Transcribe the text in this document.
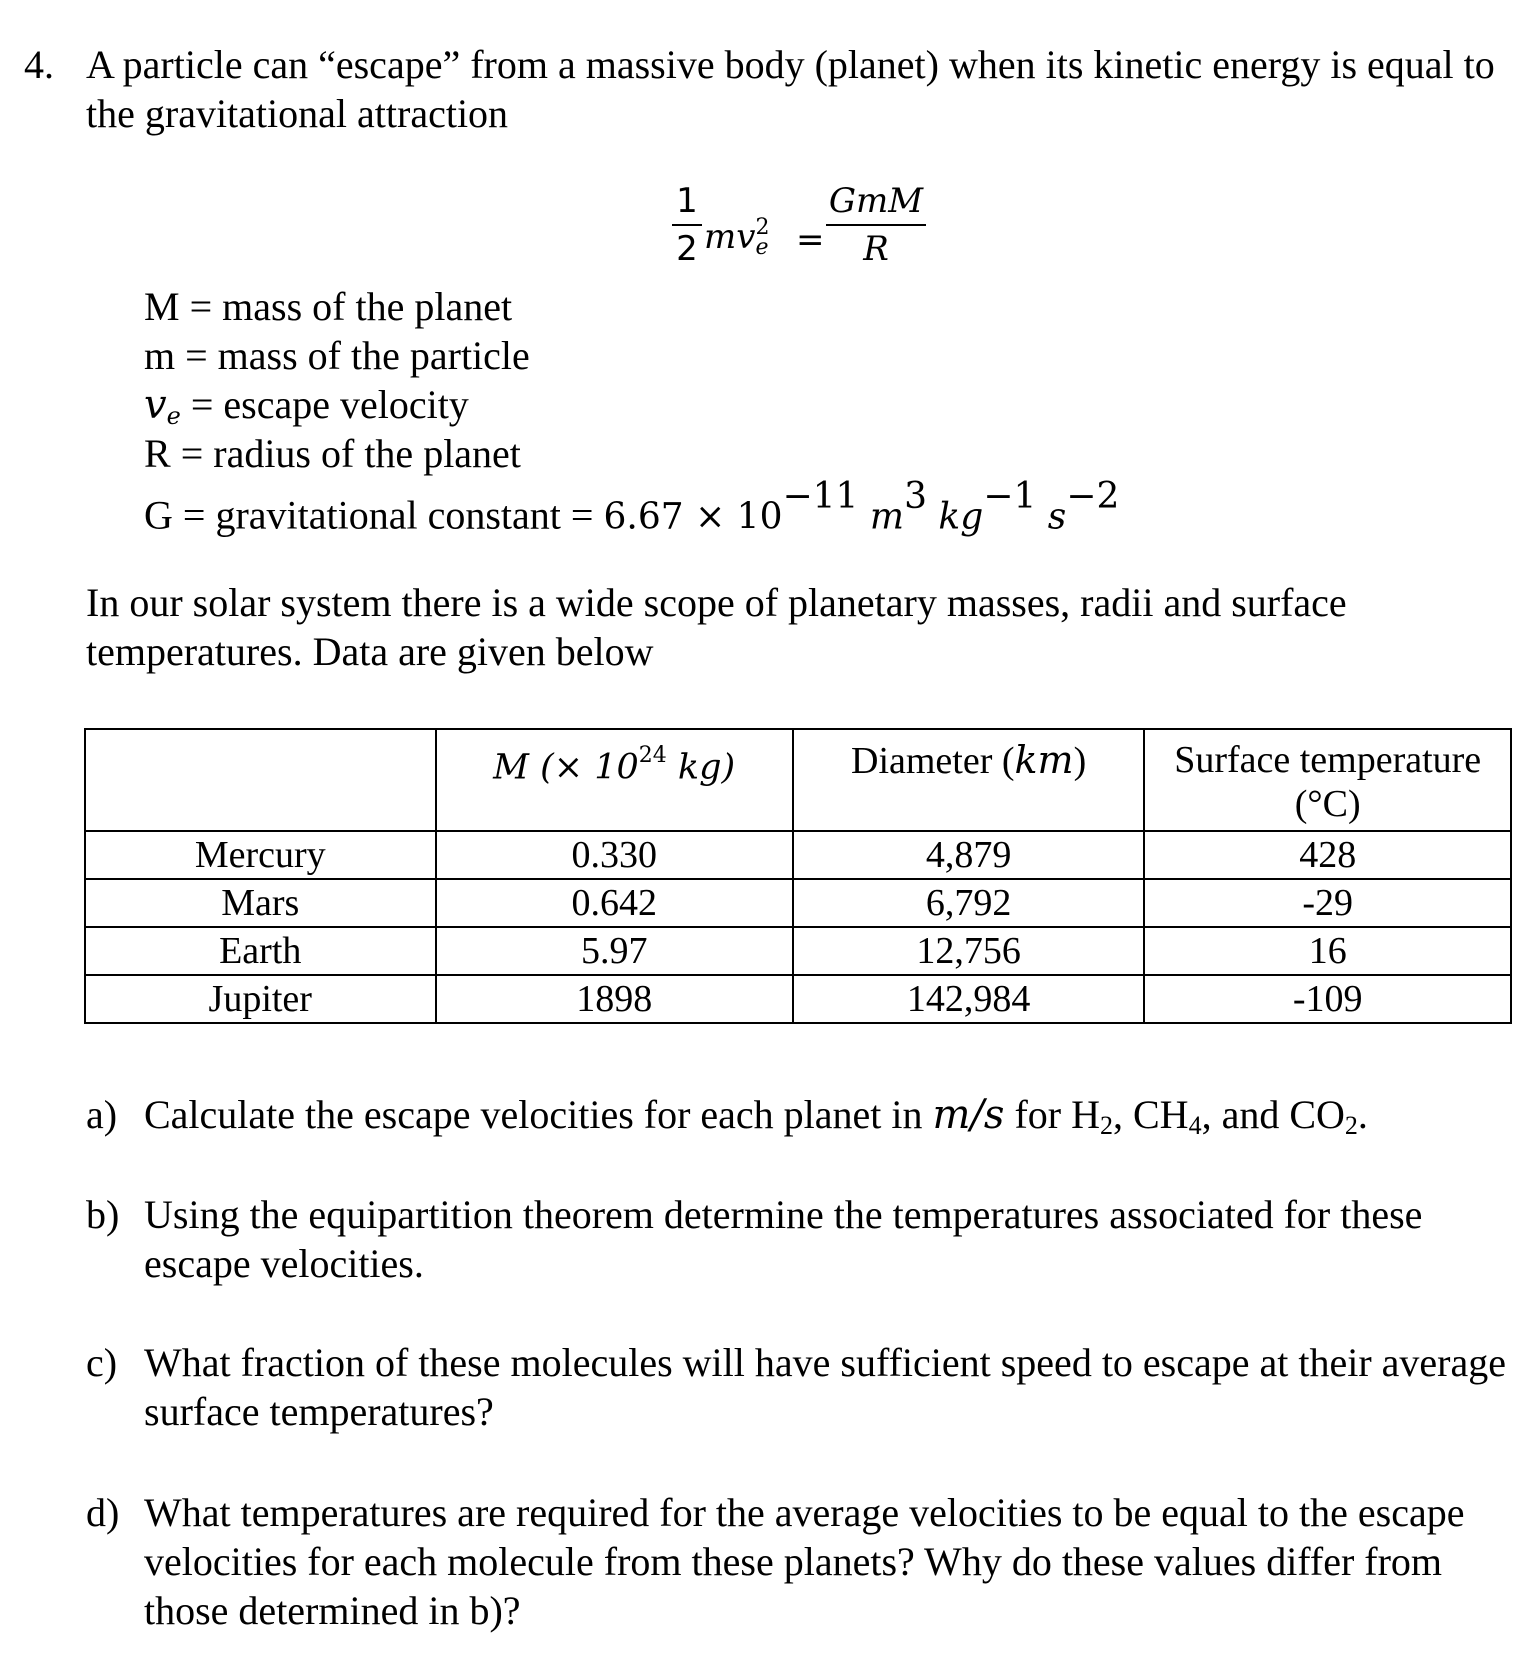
4. A particle can “escape” from a massive body (planet) when its kinetic energy is equal to
the gravitational attraction
1
2 $mv^2_e$ =
GmM
R
M = mass of the planet
m = mass of the particle
$v_e$ = escape velocity
R = radius of the planet
G = gravitational constant = $6.67 \times 10^{-11}$ $m^3$ $kg^{-1}$ $s^{-2}$
In our solar system there is a wide scope of planetary masses, radii and surface
temperatures. Data are given below
	M (× $10^{24}$ kg)	Diameter (km)	Surface temperature
(°C)

Mercury	0.330	4,879	428
Mars	0.642	6,792	-29
Earth	5.97	12,756	16
Jupiter	1898	142,984	-109
a) Calculate the escape velocities for each planet in m/s for $H_2$, $CH_4$, and $CO_2$.
b) Using the equipartition theorem determine the temperatures associated for these
escape velocities.
c) What fraction of these molecules will have sufficient speed to escape at their average
surface temperatures?
d) What temperatures are required for the average velocities to be equal to the escape
velocities for each molecule from these planets? Why do these values differ from
those determined in b)?
